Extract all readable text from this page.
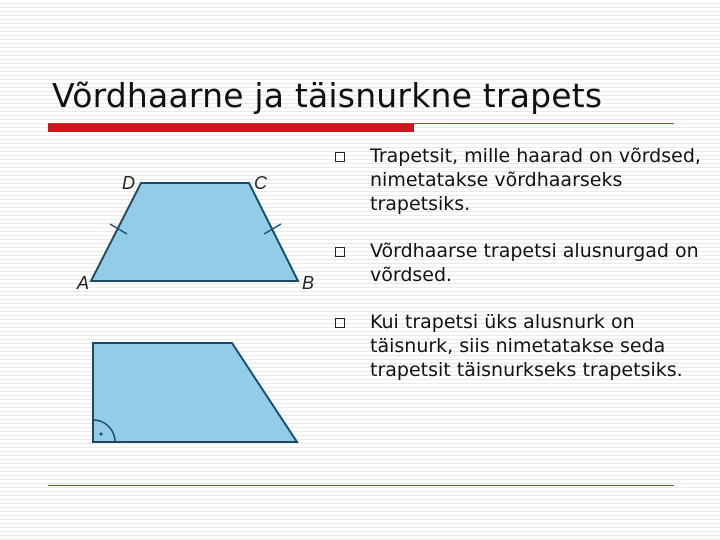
Võrdhaarne ja täisnurkne trapets
D	C
A	B
Trapetsit, mille haarad on võrdsed, nimetatakse võrdhaarseks trapetsiks.
Võrdhaarse trapetsi alusnurgad on võrdsed.
Kui trapetsi üks alusnurk on täisnurk, siis nimetatakse seda trapetsit täisnurkseks trapetsiks.
